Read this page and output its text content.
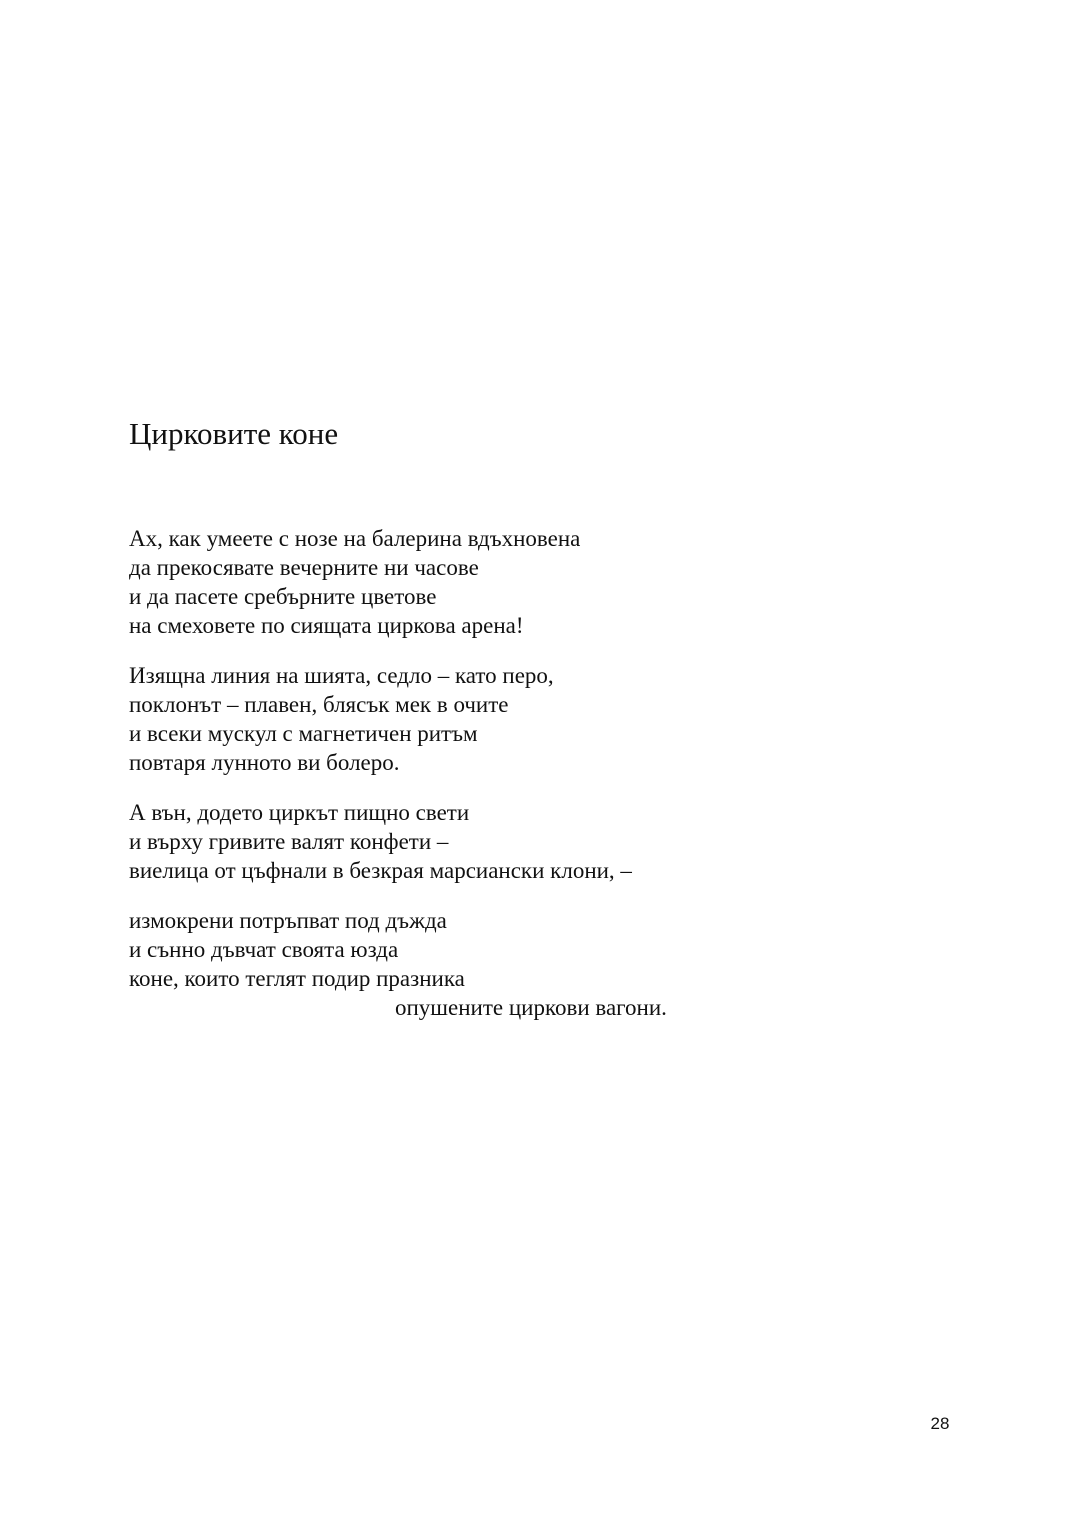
Цирковите коне
Ах, как умеете с нозе на балерина вдъхновена
да прекосявате вечерните ни часове
и да пасете сребърните цветове
на смеховете по сиящата циркова арена!
Изящна линия на шията, седло – като перо,
поклонът – плавен, блясък мек в очите
и всеки мускул с магнетичен ритъм
повтаря лунното ви болеро.
А вън, додето циркът пищно свети
и върху гривите валят конфети –
виелица от цъфнали в безкрая марсиански клони, –
измокрени потръпват под дъжда
и сънно дъвчат своята юзда
коне, които теглят подир празника
опушените циркови вагони.
28
